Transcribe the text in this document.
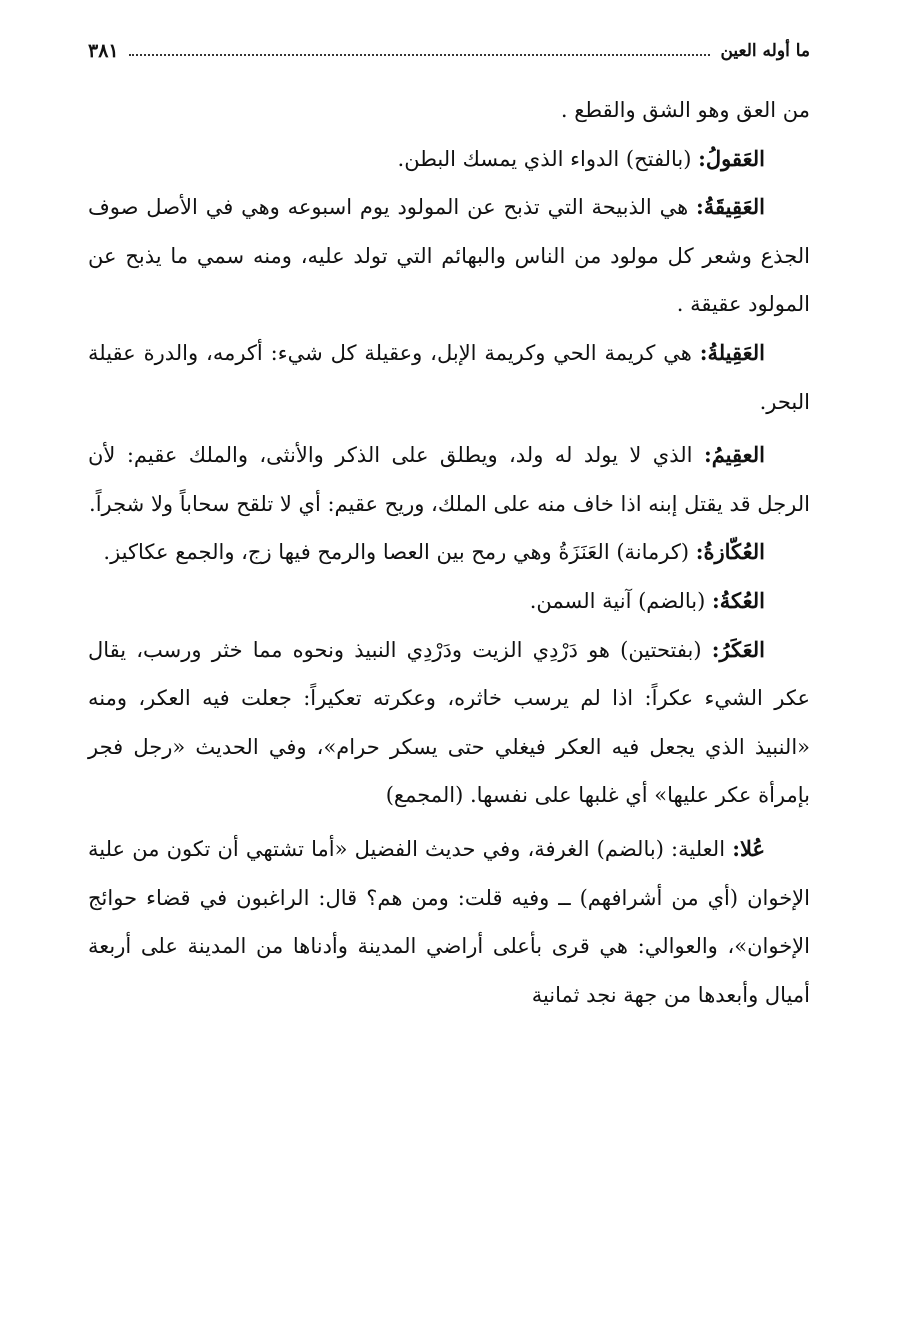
ما أوله العين
٣٨١

من العق وهو الشق والقطع .

العَقولُ: (بالفتح) الدواء الذي يمسك البطن.

العَقِيقَةُ: هي الذبيحة التي تذبح عن المولود يوم اسبوعه وهي في الأصل صوف الجذع وشعر كل مولود من الناس والبهائم التي تولد عليه، ومنه سمي ما يذبح عن المولود عقيقة .

العَقِيلةُ: هي كريمة الحي وكريمة الإبل، وعقيلة كل شيء: أكرمه، والدرة عقيلة البحر.

العقِيمُ: الذي لا يولد له ولد، ويطلق على الذكر والأنثى، والملك عقيم: لأن الرجل قد يقتل إبنه اذا خاف منه على الملك، وريح عقيم: أي لا تلقح سحاباً ولا شجراً.

العُكّازةُ: (كرمانة) العَنَزَةُ وهي رمح بين العصا والرمح فيها زج، والجمع عكاكيز.

العُكةُ: (بالضم) آنية السمن.

العَكَرُ: (بفتحتين) هو دَرْدِي الزيت ودَرْدِي النبيذ ونحوه مما خثر ورسب، يقال عكر الشيء عكراً: اذا لم يرسب خاثره، وعكرته تعكيراً: جعلت فيه العكر، ومنه «النبيذ الذي يجعل فيه العكر فيغلي حتى يسكر حرام»، وفي الحديث «رجل فجر بإمرأة عكر عليها» أي غلبها على نفسها. (المجمع)

عُلا: العلية: (بالضم) الغرفة، وفي حديث الفضيل «أما تشتهي أن تكون من علية الإخوان (أي من أشرافهم) ــ وفيه قلت: ومن هم؟ قال: الراغبون في قضاء حوائج الإخوان»، والعوالي: هي قرى بأعلى أراضي المدينة وأدناها من المدينة على أربعة أميال وأبعدها من جهة نجد ثمانية
